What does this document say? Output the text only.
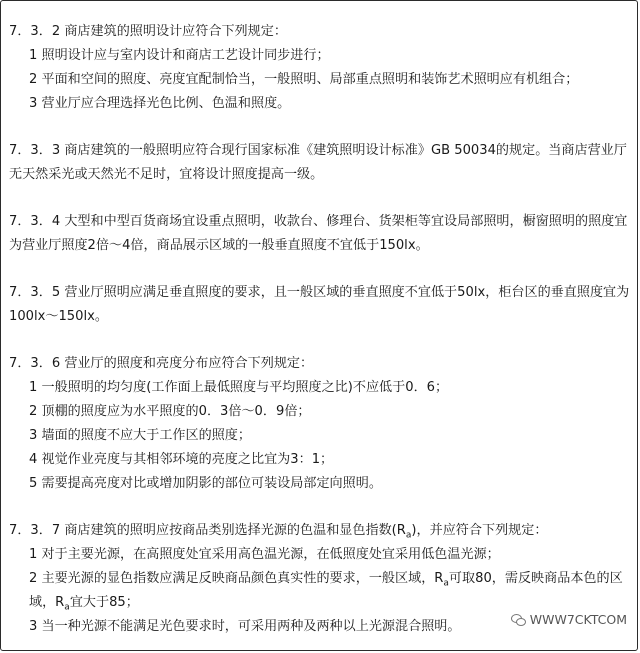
7．3．2 商店建筑的照明设计应符合下列规定：

1 照明设计应与室内设计和商店工艺设计同步进行；

2 平面和空间的照度、亮度宜配制恰当，一般照明、局部重点照明和装饰艺术照明应有机组合；

3 营业厅应合理选择光色比例、色温和照度。

7．3．3 商店建筑的一般照明应符合现行国家标准《建筑照明设计标准》GB 50034的规定。当商店营业厅无天然采光或天然光不足时，宜将设计照度提高一级。

7．3．4 大型和中型百货商场宜设重点照明，收款台、修理台、货架柜等宜设局部照明，橱窗照明的照度宜为营业厅照度2倍～4倍，商品展示区域的一般垂直照度不宜低于150lx。

7．3．5 营业厅照明应满足垂直照度的要求，且一般区域的垂直照度不宜低于50lx，柜台区的垂直照度宜为100lx～150lx。

7．3．6 营业厅的照度和亮度分布应符合下列规定：

1 一般照明的均匀度(工作面上最低照度与平均照度之比)不应低于0．6；

2 顶棚的照度应为水平照度的0．3倍～0．9倍；

3 墙面的照度不应大于工作区的照度；

4 视觉作业亮度与其相邻环境的亮度之比宜为3：1；

5 需要提高亮度对比或增加阴影的部位可装设局部定向照明。

7．3．7 商店建筑的照明应按商品类别选择光源的色温和显色指数$(R_a)$，并应符合下列规定：

1 对于主要光源，在高照度处宜采用高色温光源，在低照度处宜采用低色温光源；

2 主要光源的显色指数应满足反映商品颜色真实性的要求，一般区域，$R_a$可取80，需反映商品本色的区域，$R_a$宜大于85；

3 当一种光源不能满足光色要求时，可采用两种及两种以上光源混合照明。	WWW7CKTCOM
